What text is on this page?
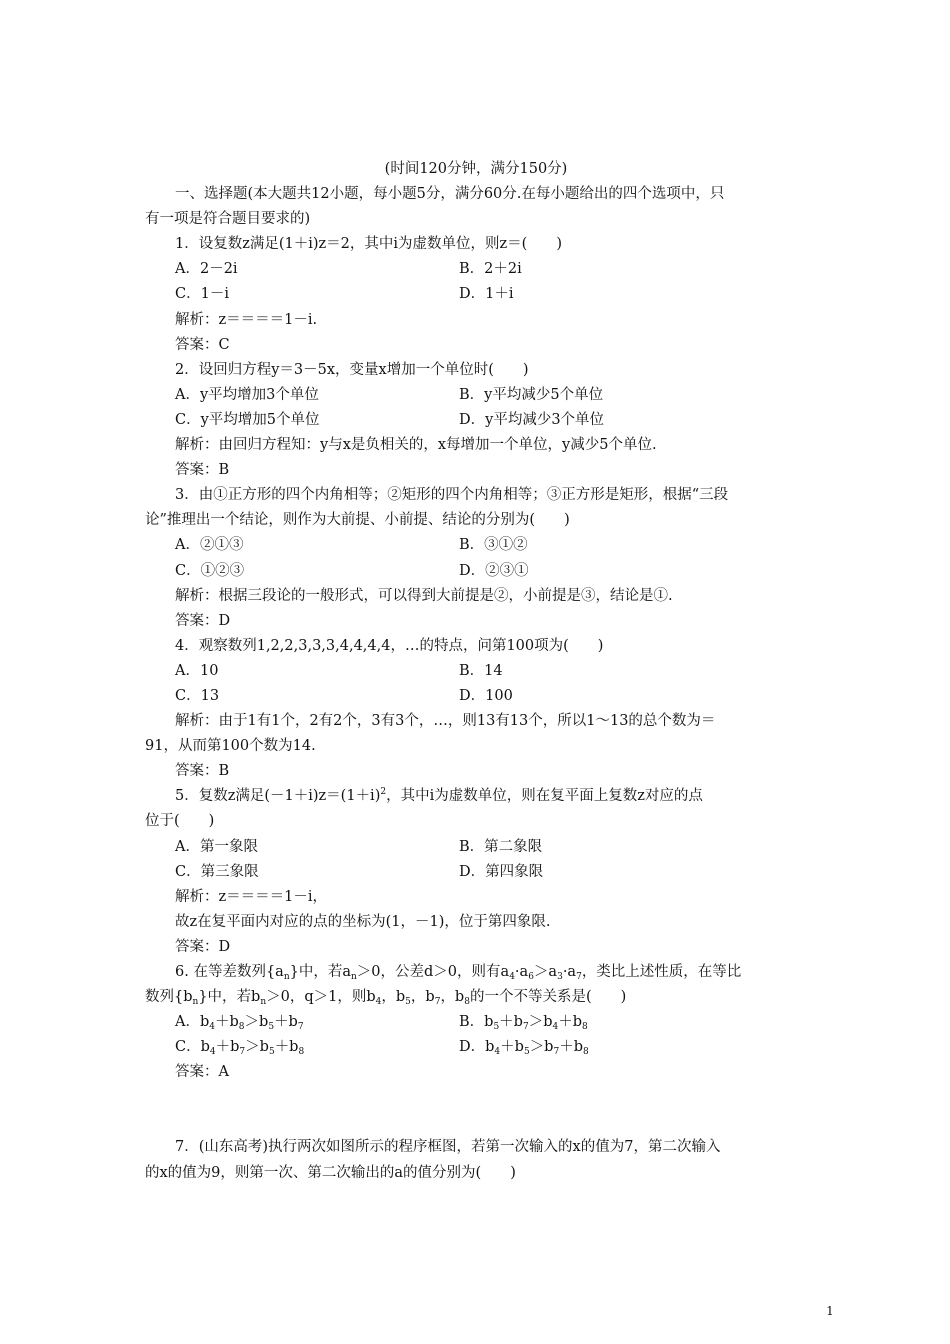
(时间120分钟，满分150分)
一、选择题(本大题共12小题，每小题5分，满分60分.在每小题给出的四个选项中，只
有一项是符合题目要求的)
1．设复数z满足(1＋i)z＝2，其中i为虚数单位，则z＝(　　)
A．2－2i	B．2＋2i
C．1－i	D．1＋i
解析：z＝＝＝＝1－i.
答案：C
2．设回归方程y＝3－5x，变量x增加一个单位时(　　)
A．y平均增加3个单位	B．y平均减少5个单位
C．y平均增加5个单位	D．y平均减少3个单位
解析：由回归方程知：y与x是负相关的，x每增加一个单位，y减少5个单位.
答案：B
3．由①正方形的四个内角相等；②矩形的四个内角相等；③正方形是矩形，根据“三段
论”推理出一个结论，则作为大前提、小前提、结论的分别为(　　)
A．②①③	B．③①②
C．①②③	D．②③①
解析：根据三段论的一般形式，可以得到大前提是②，小前提是③，结论是①.
答案：D
4．观察数列1,2,2,3,3,3,4,4,4,4，…的特点，问第100项为(　　)
A．10	B．14
C．13	D．100
解析：由于1有1个，2有2个，3有3个，…，则13有13个，所以1～13的总个数为＝
91，从而第100个数为14.
答案：B
5．复数z满足$(-1+i)z=(1+i)^2$，其中i为虚数单位，则在复平面上复数z对应的点
位于(　　)
A．第一象限	B．第二象限
C．第三象限	D．第四象限
解析：z＝＝＝＝1－i，
故z在复平面内对应的点的坐标为(1，－1)，位于第四象限.
答案：D
6. 在等差数列$\{a_n\}$中，若$a_n>0$，公差d＞0，则有$a_4\cdot a_6>a_3\cdot a_7$，类比上述性质，在等比
数列$\{b_n\}$中，若$b_n>0$，q＞1，则$b_4$，$b_5$，$b_7$，$b_8$的一个不等关系是(　　)
A．$b_4+b_8>b_5+b_7$	B．$b_5+b_7>b_4+b_8$
C．$b_4+b_7>b_5+b_8$	D．$b_4+b_5>b_7+b_8$
答案：A
7．(山东高考)执行两次如图所示的程序框图，若第一次输入的x的值为7，第二次输入
的x的值为9，则第一次、第二次输出的a的值分别为(　　)
1
